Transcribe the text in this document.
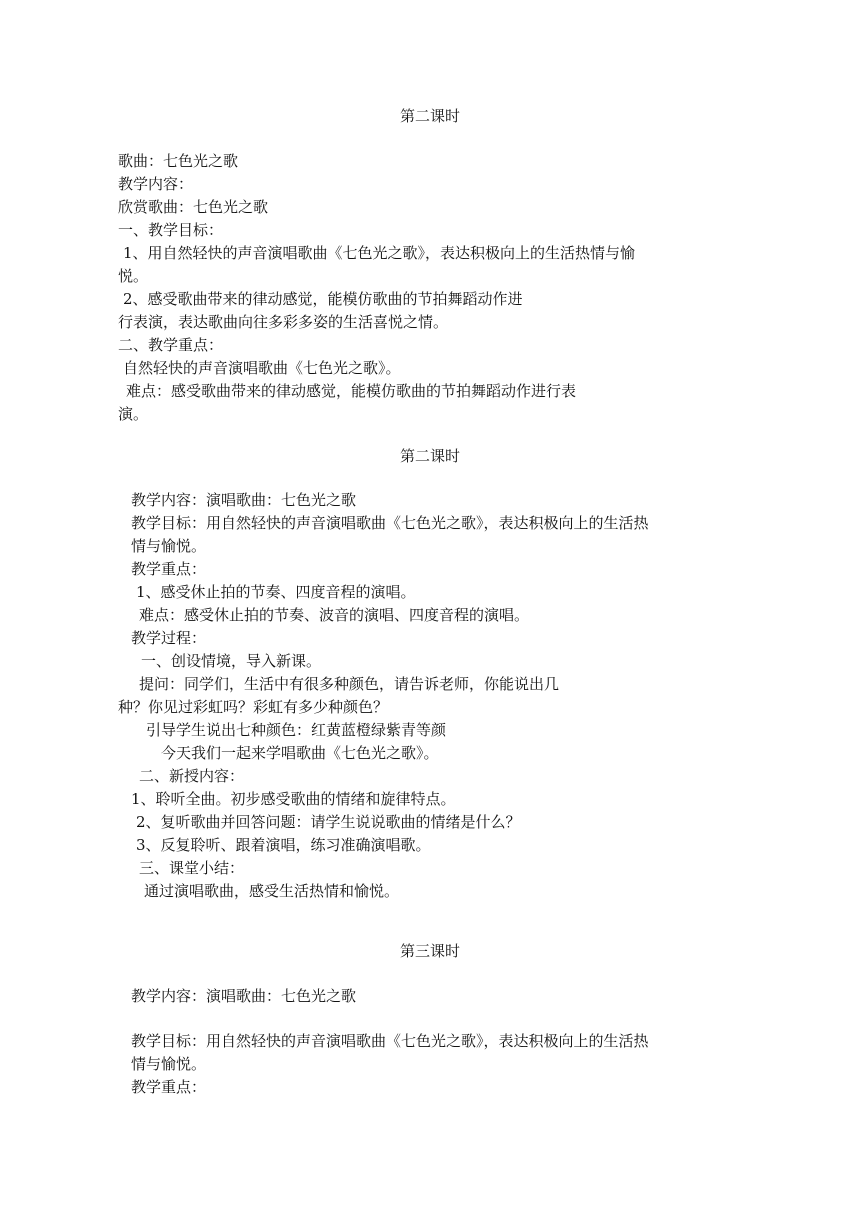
第二课时
歌曲：七色光之歌
教学内容：
欣赏歌曲：七色光之歌
一、教学目标：
1、用自然轻快的声音演唱歌曲《七色光之歌》，表达积极向上的生活热情与愉
悦。
2、感受歌曲带来的律动感觉，能模仿歌曲的节拍舞蹈动作进
行表演，表达歌曲向往多彩多姿的生活喜悦之情。
二、教学重点：
自然轻快的声音演唱歌曲《七色光之歌》。
难点：感受歌曲带来的律动感觉，能模仿歌曲的节拍舞蹈动作进行表
演。
第二课时
教学内容：演唱歌曲：七色光之歌
教学目标：用自然轻快的声音演唱歌曲《七色光之歌》，表达积极向上的生活热
情与愉悦。
教学重点：
1、感受休止拍的节奏、四度音程的演唱。
难点：感受休止拍的节奏、波音的演唱、四度音程的演唱。
教学过程：
一、创设情境，导入新课。
提问：同学们，生活中有很多种颜色，请告诉老师，你能说出几
种？你见过彩虹吗？彩虹有多少种颜色？
引导学生说出七种颜色：红黄蓝橙绿紫青等颜
今天我们一起来学唱歌曲《七色光之歌》。
二、新授内容：
1、聆听全曲。初步感受歌曲的情绪和旋律特点。
2、复听歌曲并回答问题：请学生说说歌曲的情绪是什么？
3、反复聆听、跟着演唱，练习准确演唱歌。
三、课堂小结：
通过演唱歌曲，感受生活热情和愉悦。
第三课时
教学内容：演唱歌曲：七色光之歌
教学目标：用自然轻快的声音演唱歌曲《七色光之歌》，表达积极向上的生活热
情与愉悦。
教学重点：
